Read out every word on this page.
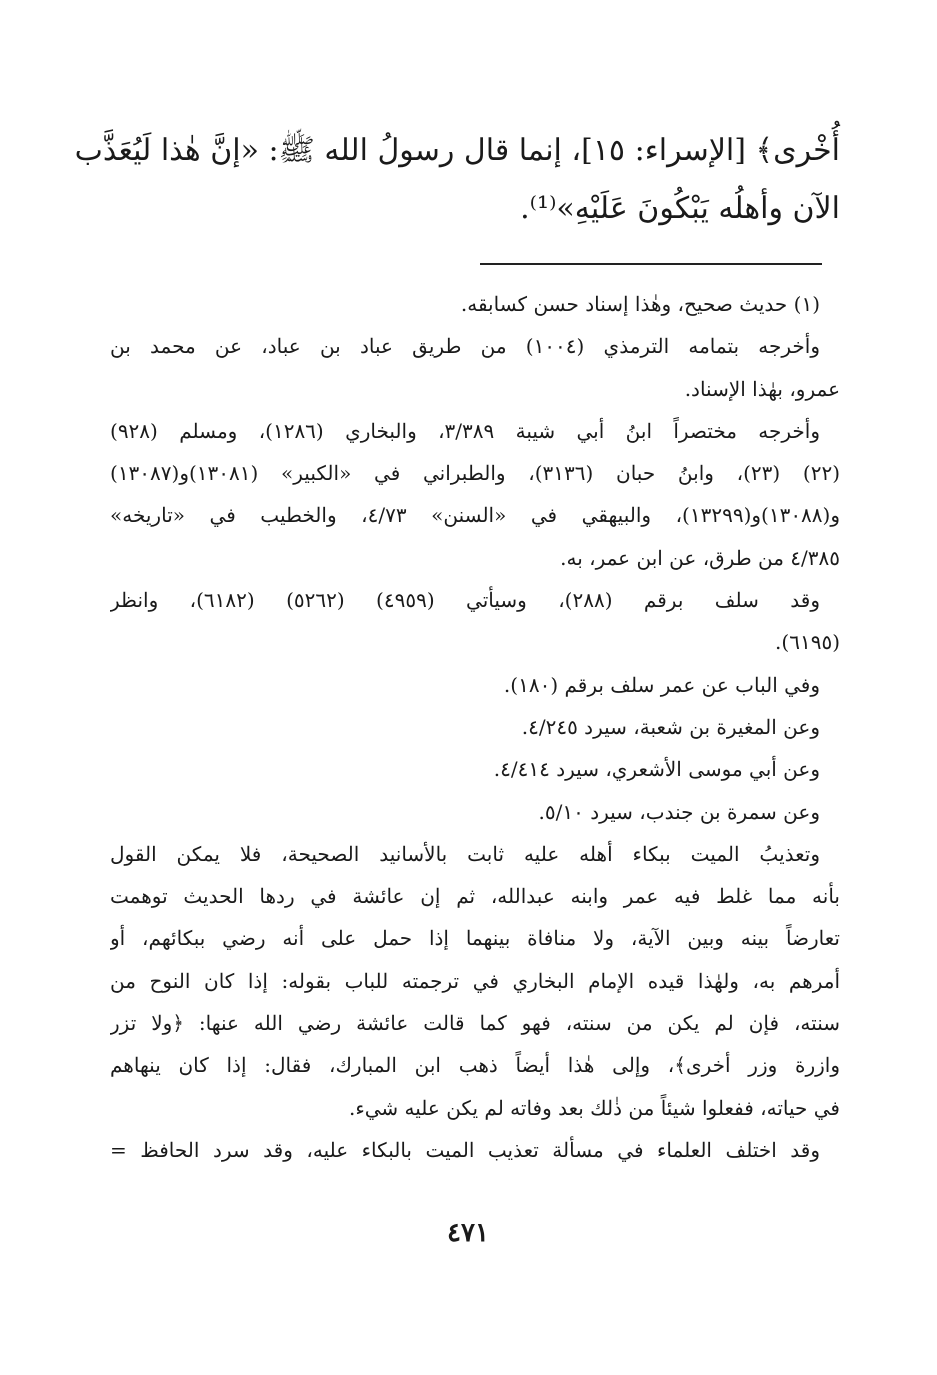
أُخْرى﴾ [الإسراء: ١٥]، إنما قال رسولُ الله ﷺ: «إنَّ هٰذا لَيُعَذَّب
الآن وأهلُه يَبْكُونَ عَلَيْهِ»⁽¹⁾.
(١) حديث صحيح، وهٰذا إسناد حسن كسابقه.
وأخرجه بتمامه الترمذي (١٠٠٤) من طريق عباد بن عباد، عن محمد بن
عمرو، بهٰذا الإسناد.
وأخرجه مختصراً ابنُ أبي شيبة ٣/٣٨٩، والبخاري (١٢٨٦)، ومسلم (٩٢٨)
(٢٢) (٢٣)، وابنُ حبان (٣١٣٦)، والطبراني في «الكبير» (١٣٠٨١)و(١٣٠٨٧)
و(١٣٠٨٨)و(١٣٢٩٩)، والبيهقي في «السنن» ٤/٧٣، والخطيب في «تاريخه»
٤/٣٨٥ من طرق، عن ابن عمر، به.
وقد سلف برقم (٢٨٨)، وسيأتي (٤٩٥٩) (٥٢٦٢) (٦١٨٢)، وانظر
(٦١٩٥).
وفي الباب عن عمر سلف برقم (١٨٠).
وعن المغيرة بن شعبة، سيرد ٤/٢٤٥.
وعن أبي موسى الأشعري، سيرد ٤/٤١٤.
وعن سمرة بن جندب، سيرد ٥/١٠.
وتعذيبُ الميت ببكاء أهله عليه ثابت بالأسانيد الصحيحة، فلا يمكن القول
بأنه مما غلط فيه عمر وابنه عبدالله، ثم إن عائشة في ردها الحديث توهمت
تعارضاً بينه وبين الآية، ولا منافاة بينهما إذا حمل على أنه رضي ببكائهم، أو
أمرهم به، ولهٰذا قيده الإمام البخاري في ترجمته للباب بقوله: إذا كان النوح من
سنته، فإن لم يكن من سنته، فهو كما قالت عائشة رضي الله عنها: ﴿ولا تزر
وازرة وزر أخرى﴾، وإلى هٰذا أيضاً ذهب ابن المبارك، فقال: إذا كان ينهاهم
في حياته، ففعلوا شيئاً من ذٰلك بعد وفاته لم يكن عليه شيء.
وقد اختلف العلماء في مسألة تعذيب الميت بالبكاء عليه، وقد سرد الحافظ =
٤٧١
